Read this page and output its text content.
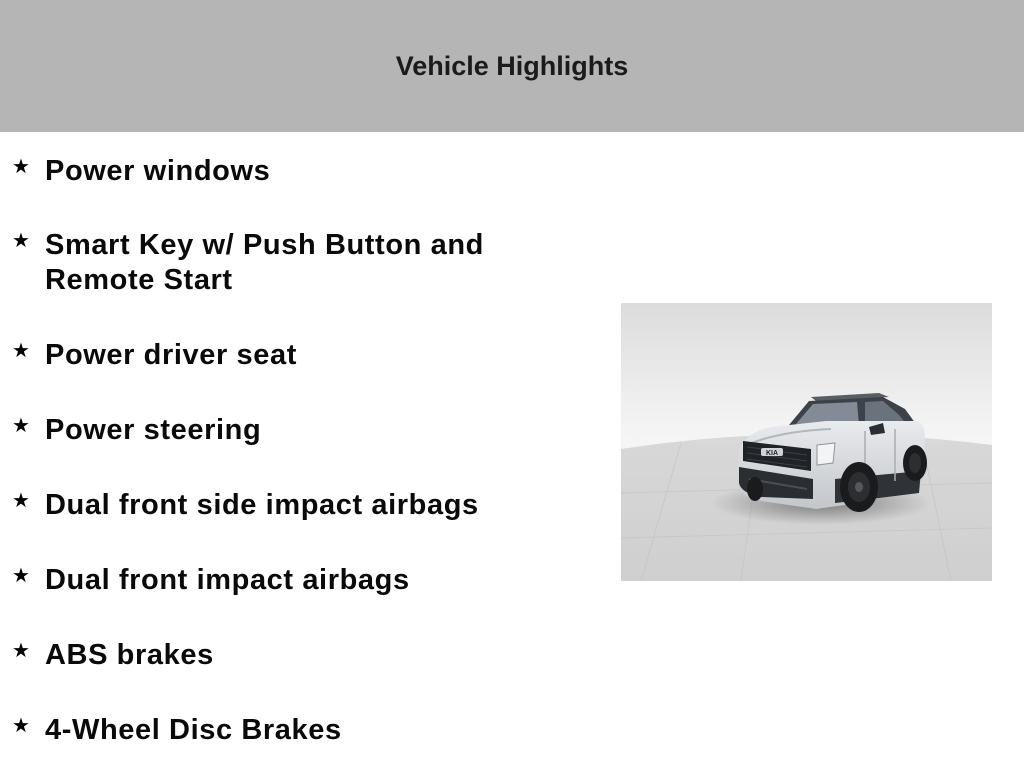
Vehicle Highlights
★ Power windows
★ Smart Key w/ Push Button and Remote Start
★ Power driver seat
★ Power steering
★ Dual front side impact airbags
★ Dual front impact airbags
★ ABS brakes
★ 4-Wheel Disc Brakes
KIA
